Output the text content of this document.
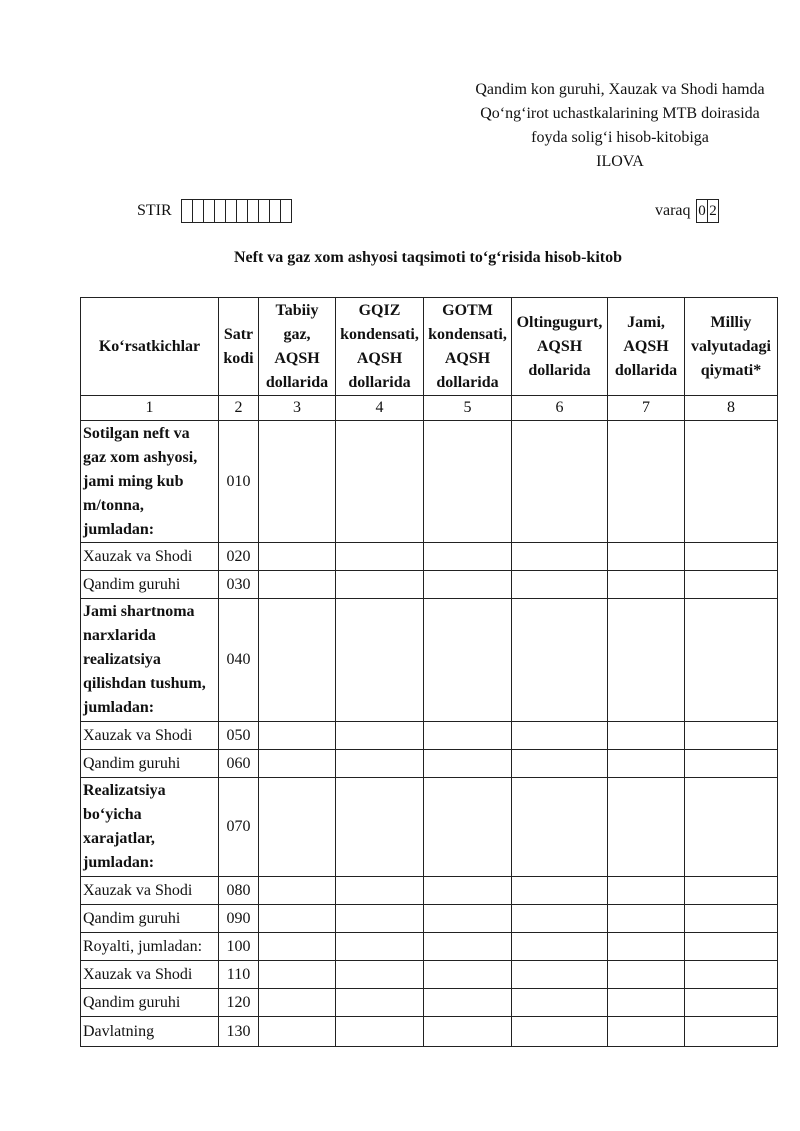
Qandim kon guruhi, Xauzak va Shodi hamda
Qo‘ng‘irot uchastkalarining MTB doirasida
foyda solig‘i hisob-kitobiga
ILOVA
STIR	varaq 0 2
Neft va gaz xom ashyosi taqsimoti to‘g‘risida hisob-kitob
Ko‘rsatkichlar	Satr kodi	Tabiiy gaz, AQSH dollarida	GQIZ kondensati, AQSH dollarida	GOTM kondensati, AQSH dollarida	Oltingugurt, AQSH dollarida	Jami, AQSH dollarida	Milliy valyutadagi qiymati*
1	2	3	4	5	6	7	8
Sotilgan neft va gaz xom ashyosi, jami ming kub m/tonna, jumladan:	010						
Xauzak va Shodi	020						
Qandim guruhi	030						
Jami shartnoma narxlarida realizatsiya qilishdan tushum, jumladan:	040						
Xauzak va Shodi	050						
Qandim guruhi	060						
Realizatsiya bo‘yicha xarajatlar, jumladan:	070						
Xauzak va Shodi	080						
Qandim guruhi	090						
Royalti, jumladan:	100						
Xauzak va Shodi	110						
Qandim guruhi	120						
Davlatning	130						
